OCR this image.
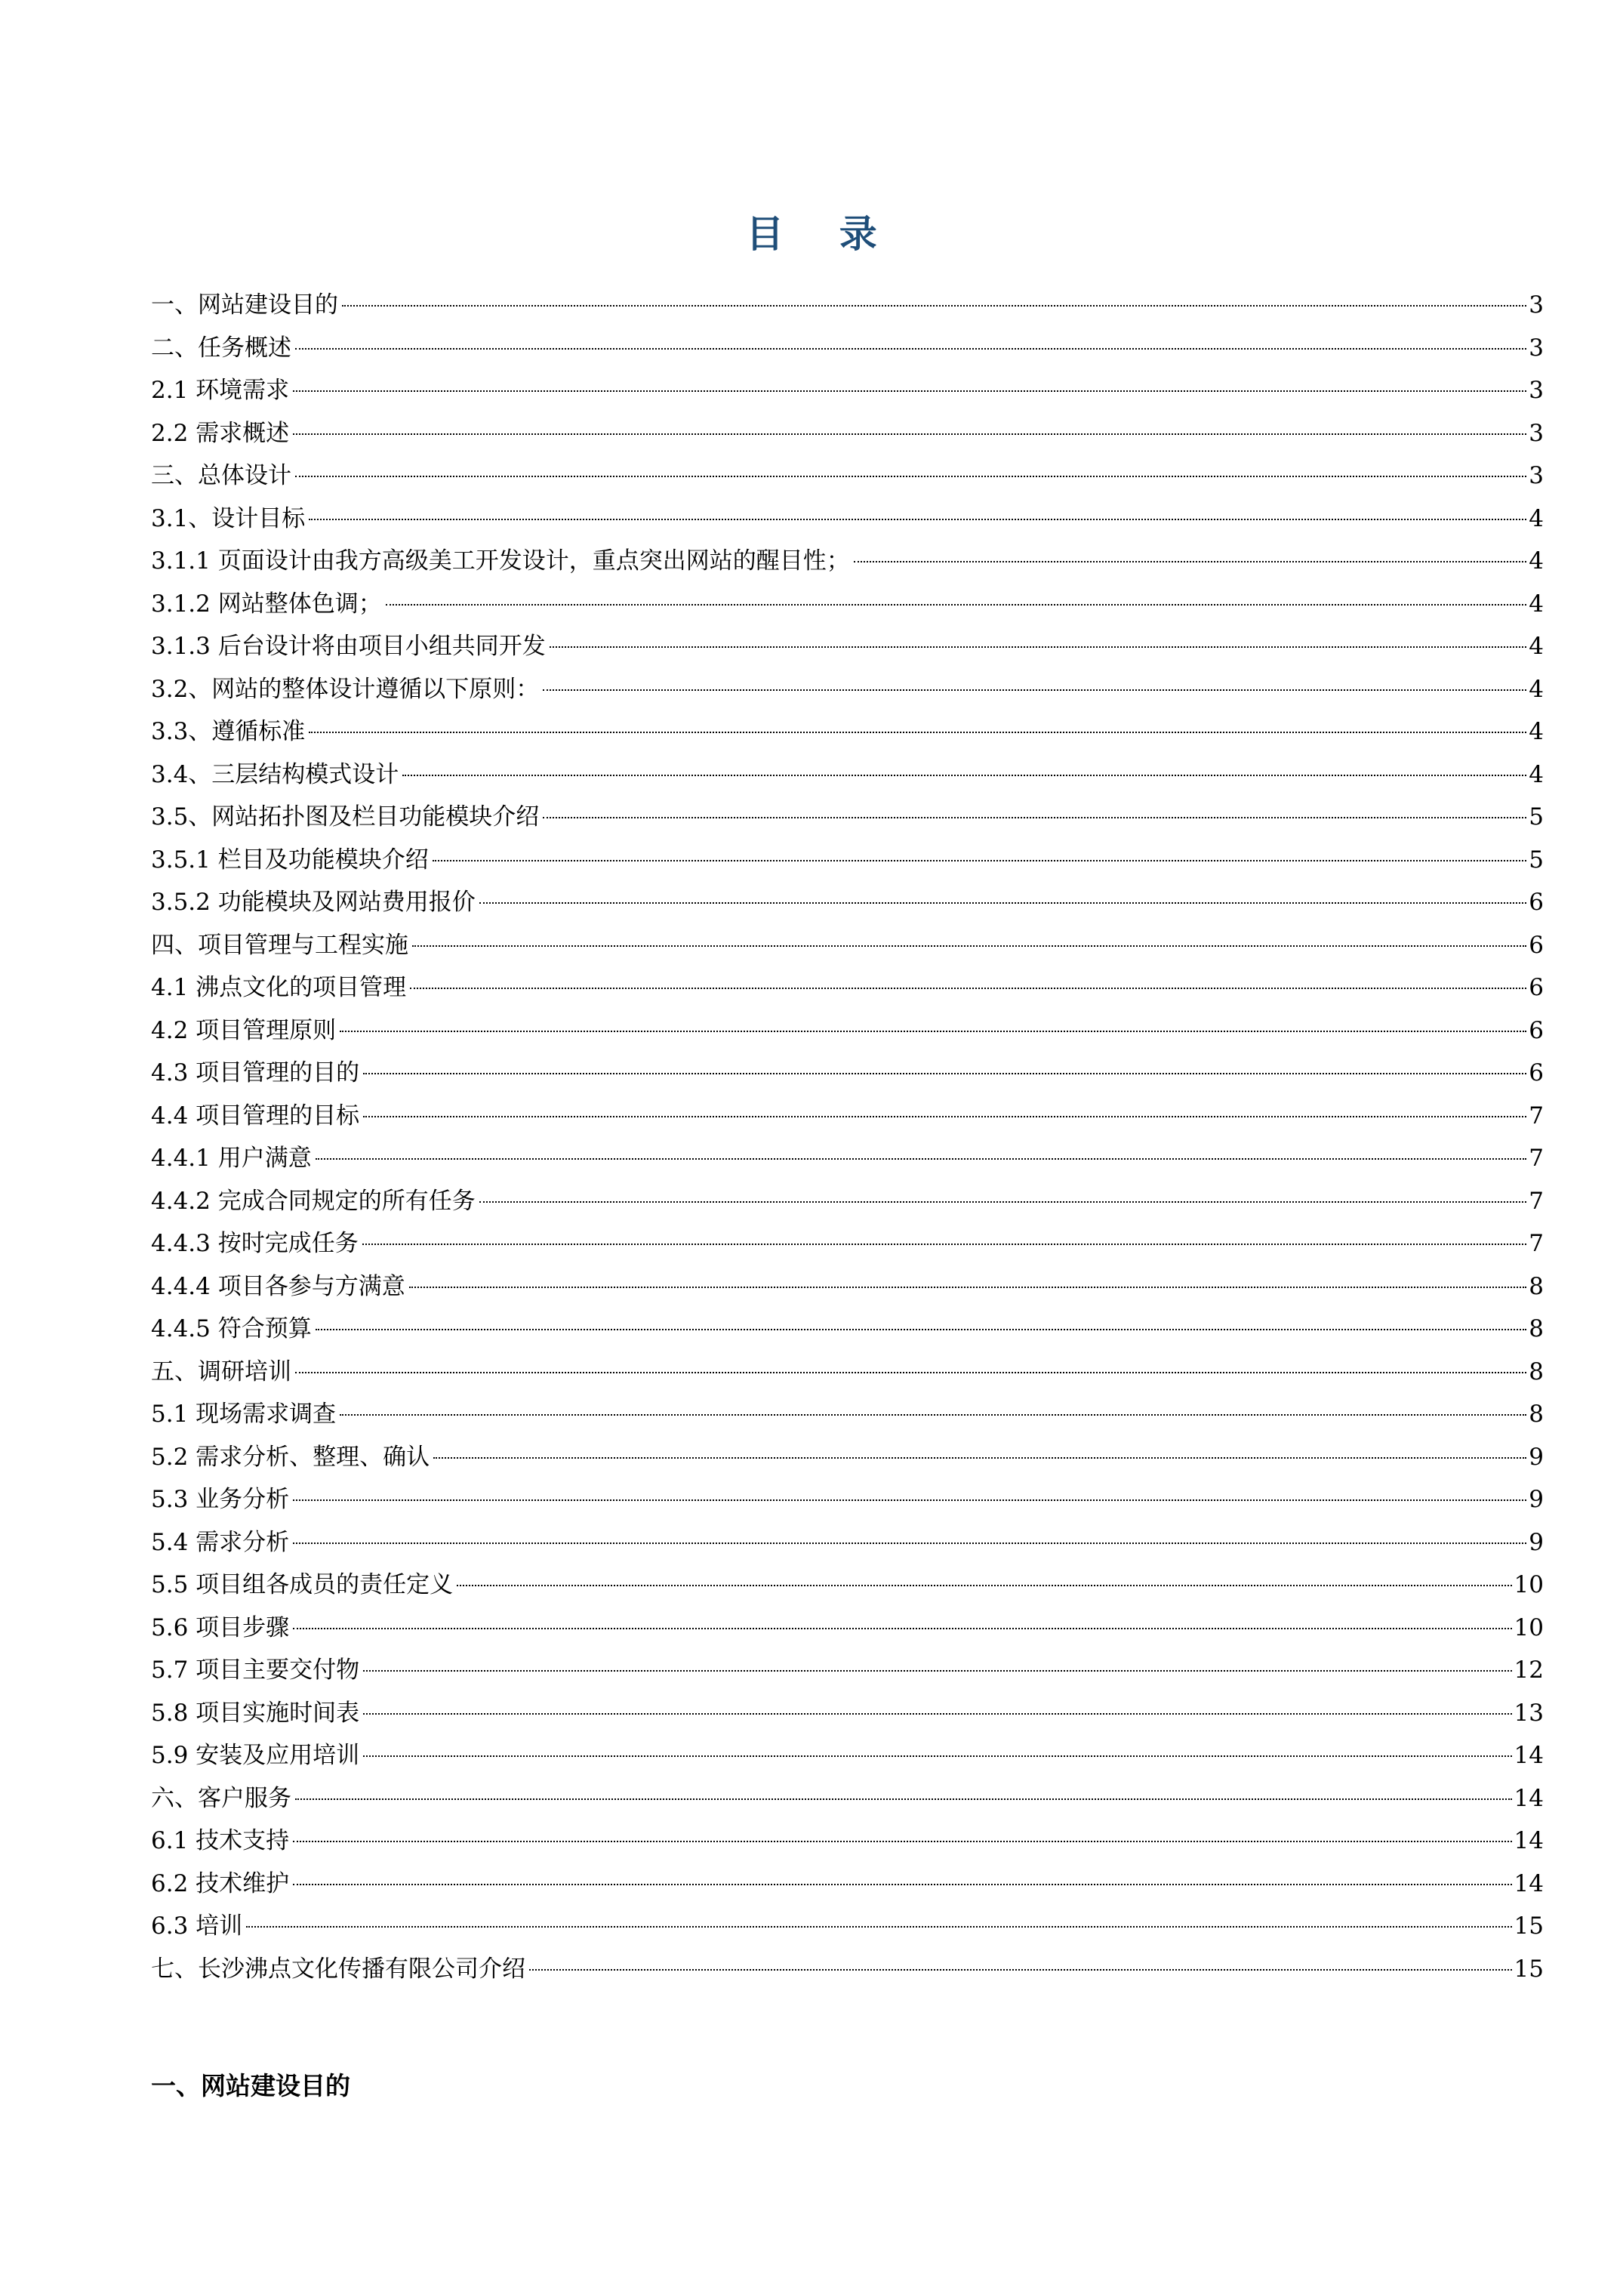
目 录
一、网站建设目的	3
二、任务概述	3
2.1 环境需求	3
2.2 需求概述	3
三、总体设计	3
3.1、设计目标	4
3.1.1 页面设计由我方高级美工开发设计，重点突出网站的醒目性；	4
3.1.2 网站整体色调；	4
3.1.3 后台设计将由项目小组共同开发	4
3.2、网站的整体设计遵循以下原则：	4
3.3、遵循标准	4
3.4、三层结构模式设计	4
3.5、网站拓扑图及栏目功能模块介绍	5
3.5.1 栏目及功能模块介绍	5
3.5.2 功能模块及网站费用报价	6
四、项目管理与工程实施	6
4.1 沸点文化的项目管理	6
4.2 项目管理原则	6
4.3 项目管理的目的	6
4.4 项目管理的目标	7
4.4.1 用户满意	7
4.4.2 完成合同规定的所有任务	7
4.4.3 按时完成任务	7
4.4.4 项目各参与方满意	8
4.4.5 符合预算	8
五、调研培训	8
5.1 现场需求调查	8
5.2 需求分析、整理、确认	9
5.3 业务分析	9
5.4 需求分析	9
5.5 项目组各成员的责任定义	10
5.6 项目步骤	10
5.7 项目主要交付物	12
5.8 项目实施时间表	13
5.9 安装及应用培训	14
六、客户服务	14
6.1 技术支持	14
6.2 技术维护	14
6.3 培训	15
七、长沙沸点文化传播有限公司介绍	15
一、网站建设目的
